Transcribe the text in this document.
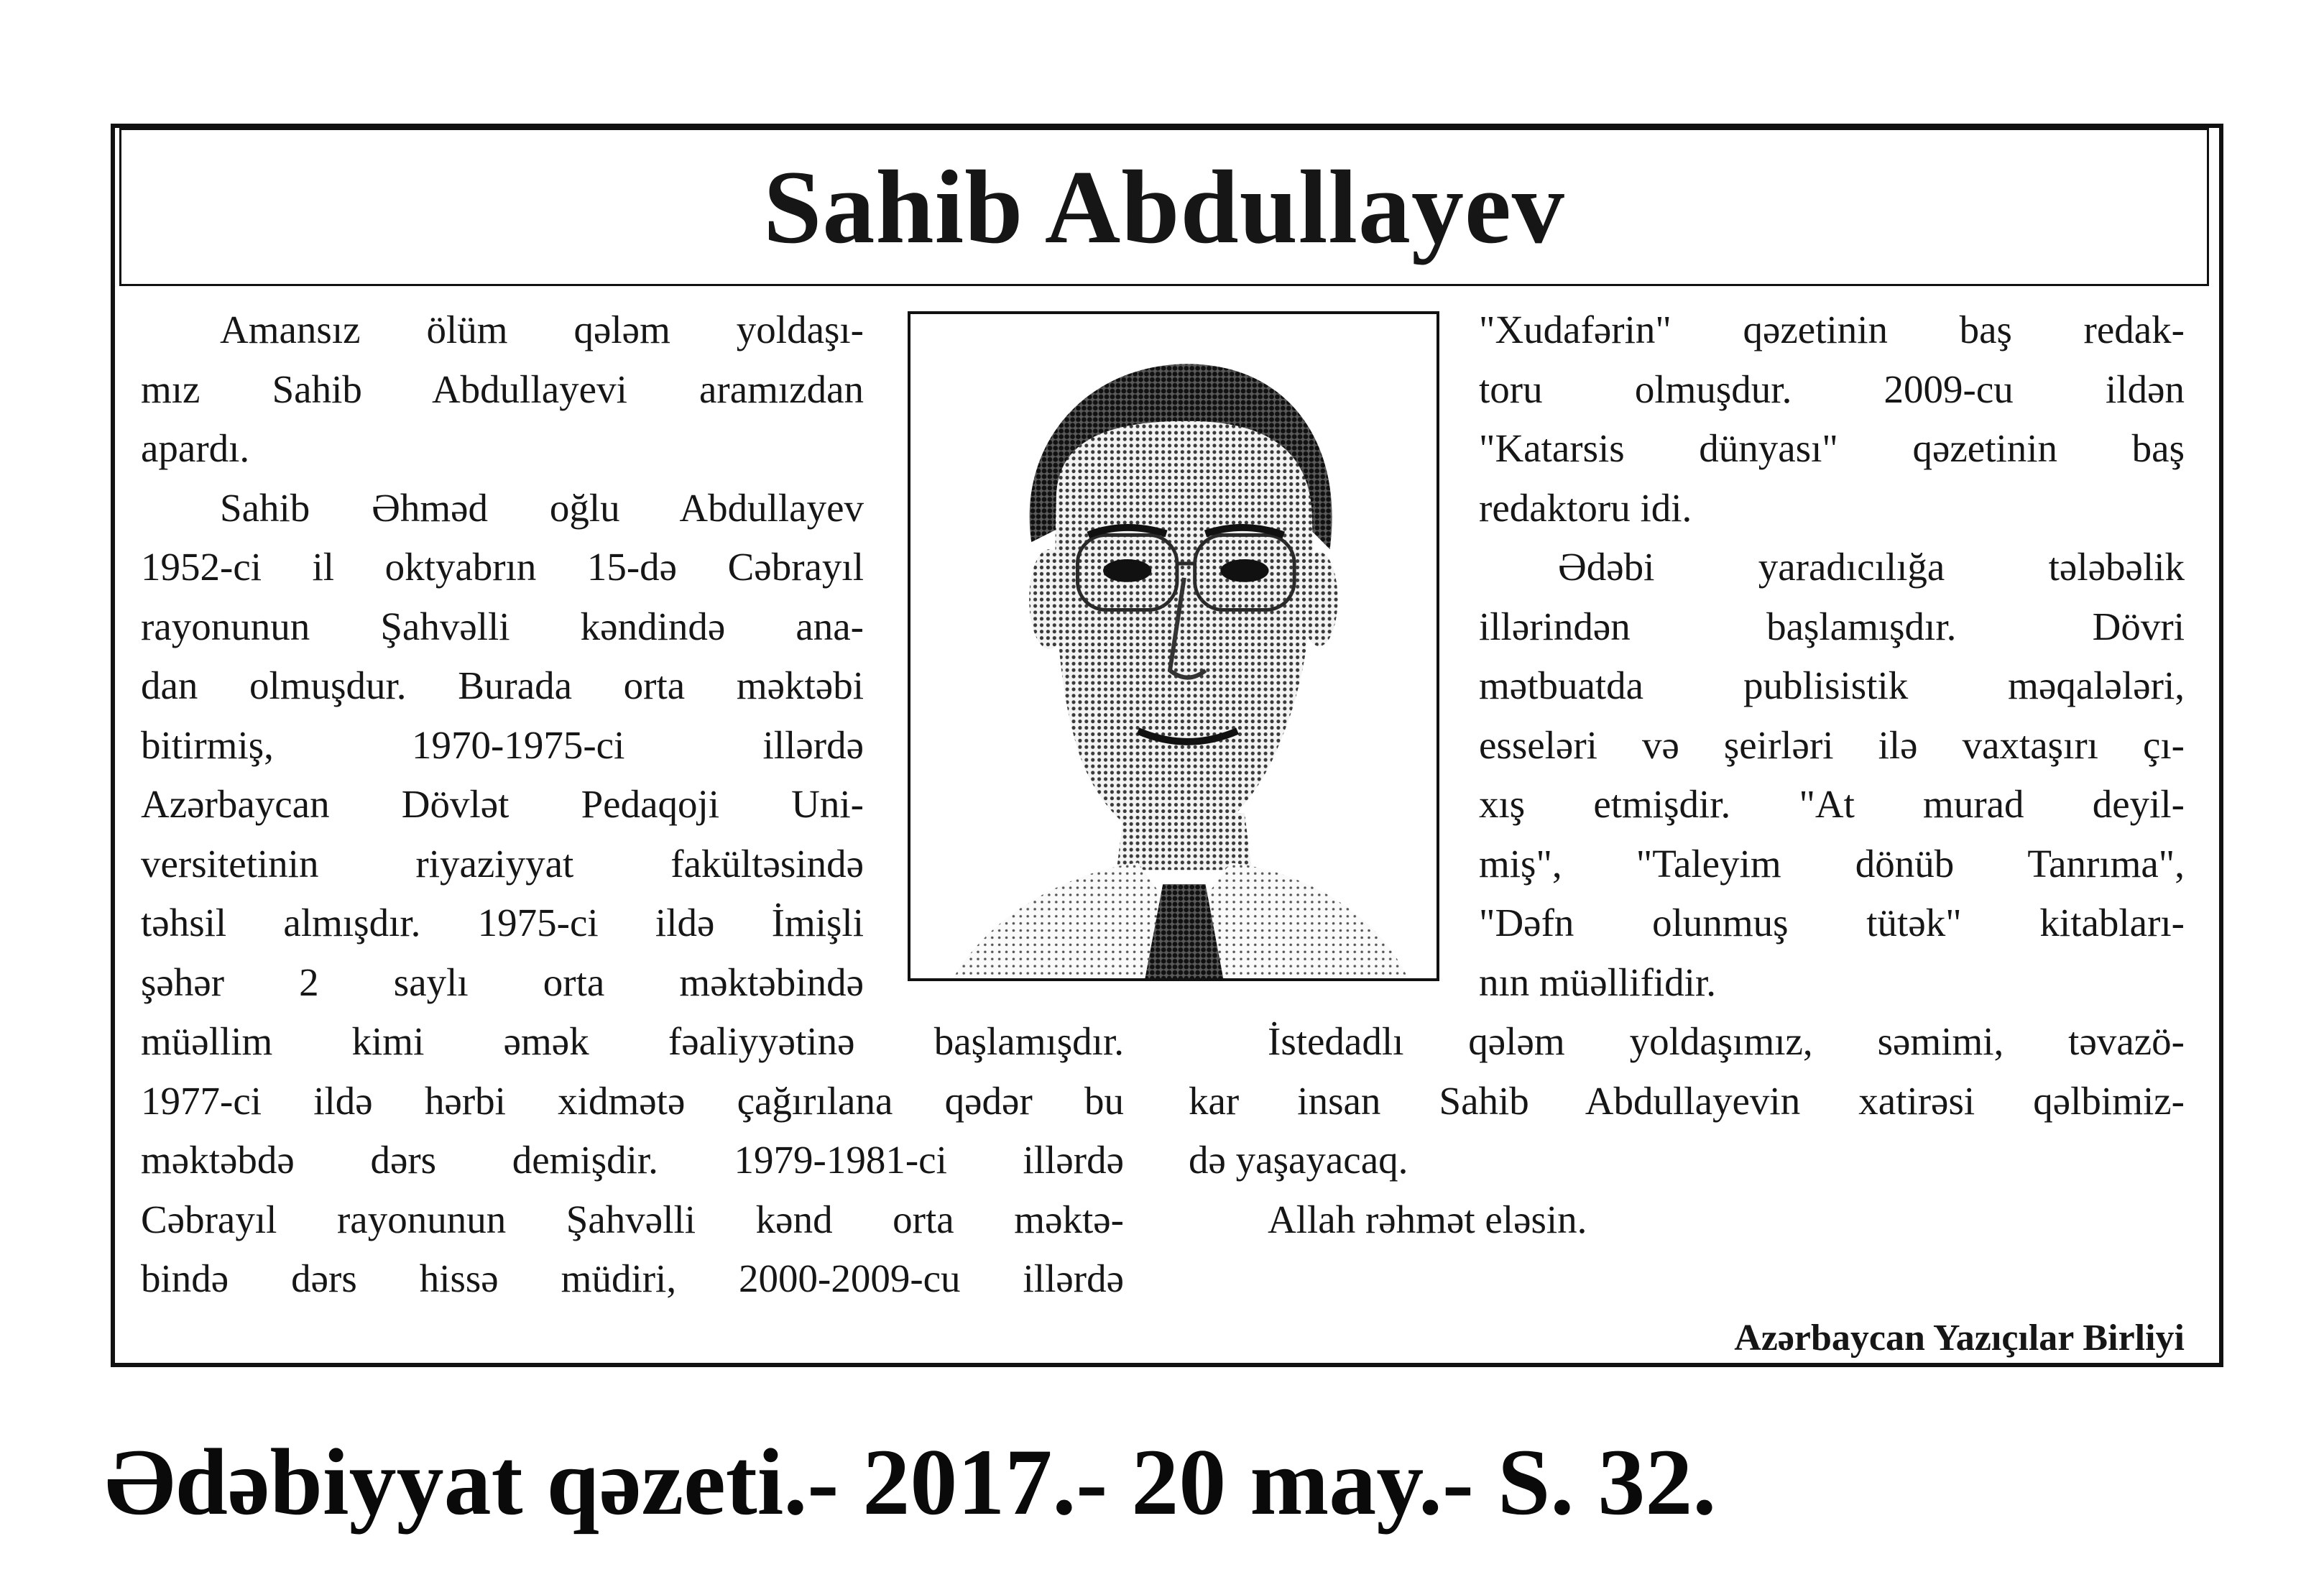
Sahib Abdullayev
Amansız ölüm qələm yoldaşı-
mız Sahib Abdullayevi aramızdan
apardı.
Sahib Əhməd oğlu Abdullayev
1952-ci il oktyabrın 15-də Cəbrayıl
rayonunun Şahvəlli kəndində ana-
dan olmuşdur. Burada orta məktəbi
bitirmiş, 1970-1975-ci illərdə
Azərbaycan Dövlət Pedaqoji Uni-
versitetinin riyaziyyat fakültəsində
təhsil almışdır. 1975-ci ildə İmişli
şəhər 2 saylı orta məktəbində
müəllim kimi əmək fəaliyyətinə başlamışdır.
1977-ci ildə hərbi xidmətə çağırılana qədər bu
məktəbdə dərs demişdir. 1979-1981-ci illərdə
Cəbrayıl rayonunun Şahvəlli kənd orta məktə-
bində dərs hissə müdiri, 2000-2009-cu illərdə
"Xudafərin" qəzetinin baş redak-
toru olmuşdur. 2009-cu ildən
"Katarsis dünyası" qəzetinin baş
redaktoru idi.
Ədəbi yaradıcılığa tələbəlik
illərindən başlamışdır. Dövri
mətbuatda publisistik məqalələri,
esseləri və şeirləri ilə vaxtaşırı çı-
xış etmişdir. "At murad deyil-
miş", "Taleyim dönüb Tanrıma",
"Dəfn olunmuş tütək" kitabları-
nın müəllifidir.
İstedadlı qələm yoldaşımız, səmimi, təvazö-
kar insan Sahib Abdullayevin xatirəsi qəlbimiz-
də yaşayacaq.
Allah rəhmət eləsin.
Azərbaycan Yazıçılar Birliyi
Ədəbiyyat qəzeti.- 2017.- 20 may.- S. 32.
